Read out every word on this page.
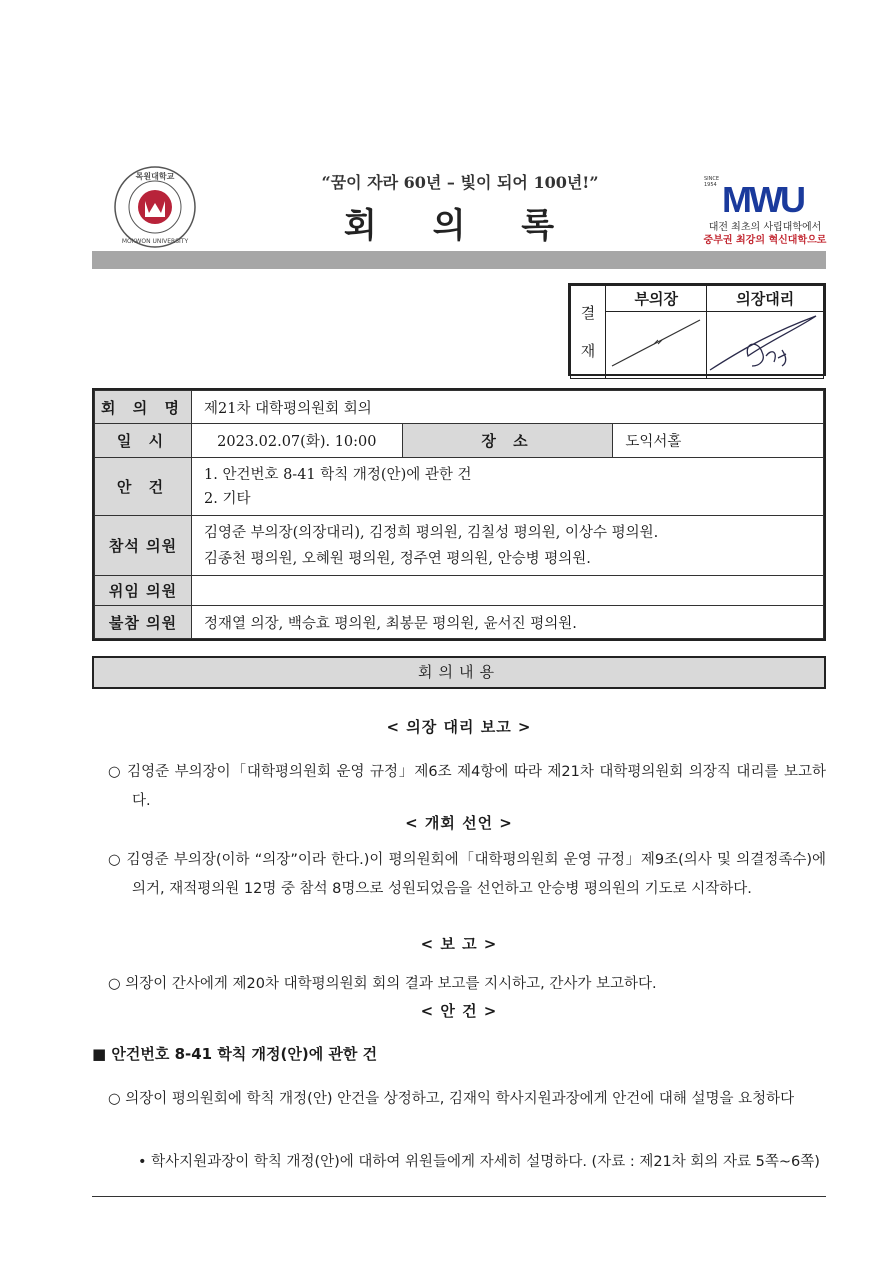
목원대학교
MOKWON UNIVERSITY
“꿈이 자라 60년 – 빛이 되어 100년!”
회 의 록
SINCE
1954 MWU
대전 최초의 사립대학에서
중부권 최강의 혁신대학으로
결
재	부의장	의장대리

회 의 명	제21차 대학평의원회 회의		
일 시	2023.02.07(화). 10:00	장 소	도익서홀
안 건	1. 안건번호 8-41 학칙 개정(안)에 관한 건
2. 기타		

참석 의원	김영준 부의장(의장대리), 김정희 평의원, 김칠성 평의원, 이상수 평의원.
김종천 평의원, 오혜원 평의원, 정주연 평의원, 안승병 평의원.		

위임 의원			
불참 의원	정재열 의장, 백승효 평의원, 최봉문 평의원, 윤서진 평의원.		
회의내용
< 의장 대리 보고 >
○ 김영준 부의장이「대학평의원회 운영 규정」제6조 제4항에 따라 제21차 대학평의원회 의장직 대리를 보고하다.
< 개회 선언 >
○ 김영준 부의장(이하 “의장”이라 한다.)이 평의원회에「대학평의원회 운영 규정」제9조(의사 및 의결정족수)에 의거, 재적평의원 12명 중 참석 8명으로 성원되었음을 선언하고 안승병 평의원의 기도로 시작하다.
< 보 고 >
○ 의장이 간사에게 제20차 대학평의원회 회의 결과 보고를 지시하고, 간사가 보고하다.
< 안 건 >
■ 안건번호 8-41 학칙 개정(안)에 관한 건
○ 의장이 평의원회에 학칙 개정(안) 안건을 상정하고, 김재익 학사지원과장에게 안건에 대해 설명을 요청하다
• 학사지원과장이 학칙 개정(안)에 대하여 위원들에게 자세히 설명하다. (자료 : 제21차 회의 자료 5쪽~6쪽)
